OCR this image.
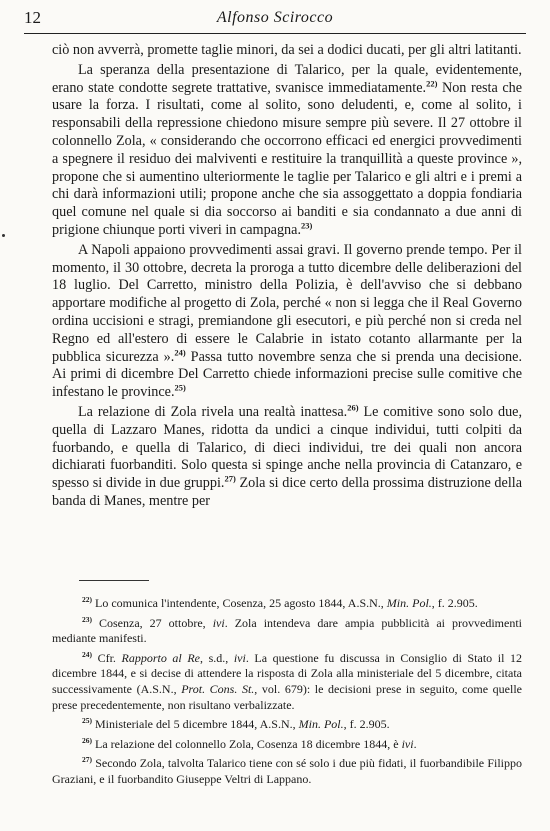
12	Alfonso Scirocco

ciò non avverrà, promette taglie minori, da sei a dodici ducati, per gli altri latitanti.

La speranza della presentazione di Talarico, per la quale, evidentemente, erano state condotte segrete trattative, svanisce immediatamente.$^{22)}$ Non resta che usare la forza. I risultati, come al solito, sono deludenti, e, come al solito, i responsabili della repressione chiedono misure sempre più severe. Il 27 ottobre il colonnello Zola, « considerando che occorrono efficaci ed energici provvedimenti a spegnere il residuo dei malviventi e restituire la tranquillità a queste province », propone che si aumentino ulteriormente le taglie per Talarico e gli altri e i premi a chi darà informazioni utili; propone anche che sia assoggettato a doppia fondiaria quel comune nel quale si dia soccorso ai banditi e sia condannato a due anni di prigione chiunque porti viveri in campagna.$^{23)}$

A Napoli appaiono provvedimenti assai gravi. Il governo prende tempo. Per il momento, il 30 ottobre, decreta la proroga a tutto dicembre delle deliberazioni del 18 luglio. Del Carretto, ministro della Polizia, è dell'avviso che si debbano apportare modifiche al progetto di Zola, perché « non si legga che il Real Governo ordina uccisioni e stragi, premiandone gli esecutori, e più perché non si creda nel Regno ed all'estero di essere le Calabrie in istato cotanto allarmante per la pubblica sicurezza ».$^{24)}$ Passa tutto novembre senza che si prenda una decisione. Ai primi di dicembre Del Carretto chiede informazioni precise sulle comitive che infestano le province.$^{25)}$

La relazione di Zola rivela una realtà inattesa.$^{26)}$ Le comitive sono solo due, quella di Lazzaro Manes, ridotta da undici a cinque individui, tutti colpiti da fuorbando, e quella di Talarico, di dieci individui, tre dei quali non ancora dichiarati fuorbanditi. Solo questa si spinge anche nella provincia di Catanzaro, e spesso si divide in due gruppi.$^{27)}$ Zola si dice certo della prossima distruzione della banda di Manes, mentre per

$^{22)}$ Lo comunica l'intendente, Cosenza, 25 agosto 1844, A.S.N., Min. Pol., f. 2.905.

$^{23)}$ Cosenza, 27 ottobre, ivi. Zola intendeva dare ampia pubblicità ai provvedimenti mediante manifesti.

$^{24)}$ Cfr. Rapporto al Re, s.d., ivi. La questione fu discussa in Consiglio di Stato il 12 dicembre 1844, e si decise di attendere la risposta di Zola alla ministeriale del 5 dicembre, citata successivamente (A.S.N., Prot. Cons. St., vol. 679): le decisioni prese in seguito, come quelle prese precedentemente, non risultano verbalizzate.

$^{25)}$ Ministeriale del 5 dicembre 1844, A.S.N., Min. Pol., f. 2.905.

$^{26)}$ La relazione del colonnello Zola, Cosenza 18 dicembre 1844, è ivi.

$^{27)}$ Secondo Zola, talvolta Talarico tiene con sé solo i due più fidati, il fuorbandibile Filippo Graziani, e il fuorbandito Giuseppe Veltri di Lappano.
